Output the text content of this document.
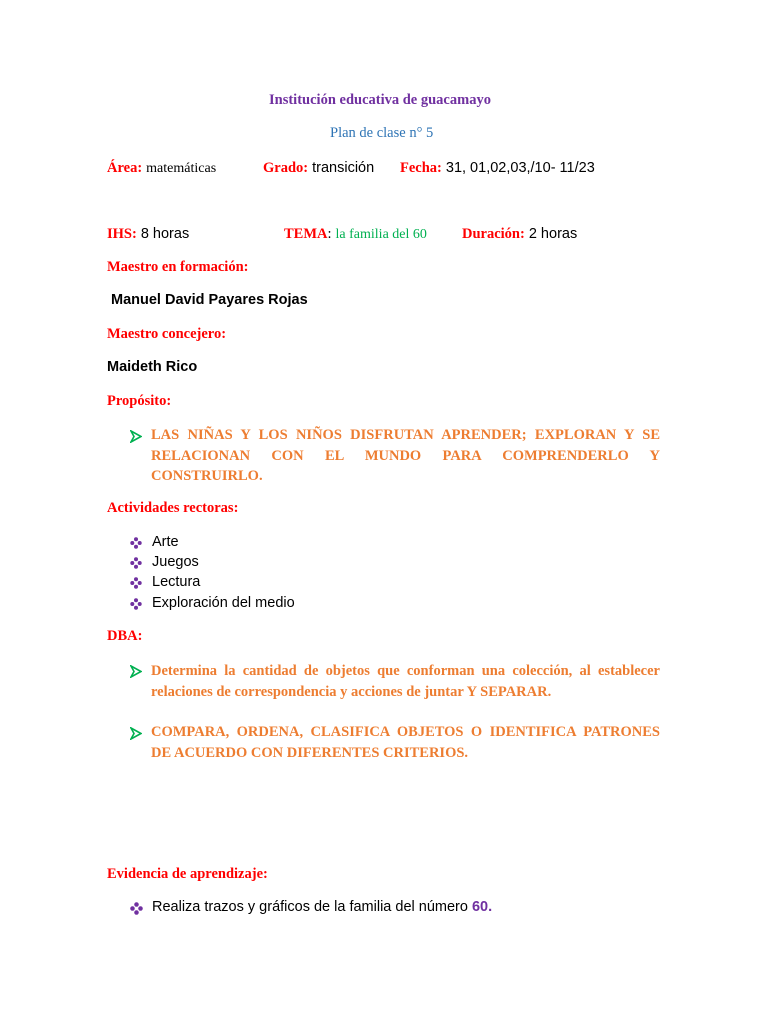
Institución educativa de guacamayo
Plan de clase n° 5
Área: matemáticas	Grado: transición Fecha: 31, 01,02,03,/10- 11/23
IHS: 8 horas	TEMA: la familia del 60 Duración: 2 horas
Maestro en formación:
Manuel David Payares Rojas
Maestro concejero:
Maideth Rico
Propósito:
LAS NIÑAS Y LOS NIÑOS DISFRUTAN APRENDER; EXPLORAN Y SE RELACIONAN CON EL MUNDO PARA COMPRENDERLO Y CONSTRUIRLO.
Actividades rectoras:
Arte
Juegos
Lectura
Exploración del medio
DBA:
Determina la cantidad de objetos que conforman una colección, al establecer relaciones de correspondencia y acciones de juntar Y SEPARAR.
COMPARA, ORDENA, CLASIFICA OBJETOS O IDENTIFICA PATRONES DE ACUERDO CON DIFERENTES CRITERIOS.
Evidencia de aprendizaje:
Realiza trazos y gráficos de la familia del número 60.
